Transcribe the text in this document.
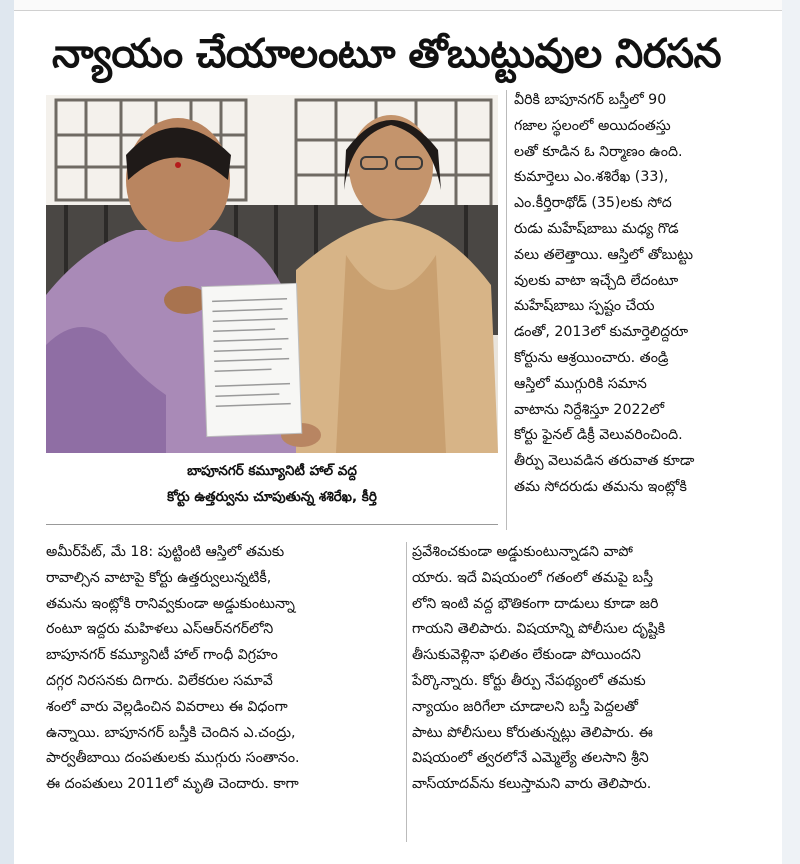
న్యాయం చేయాలంటూ తోబుట్టువుల నిరసన
బాపూనగర్ కమ్యూనిటీ హాల్ వద్ద
కోర్టు ఉత్తర్వును చూపుతున్న శశిరేఖ, కీర్తి

వీరికి బాపూనగర్ బస్తీలో 90

గజాల స్థలంలో అయిదంతస్తు

లతో కూడిన ఓ నిర్మాణం ఉంది.

కుమార్తెలు ఎం.శశిరేఖ (33),

ఎం.కీర్తిరాథోడ్ (35)లకు సోద

రుడు మహేష్‌బాబు మధ్య గొడ

వలు తలెత్తాయి. ఆస్తిలో తోబుట్టు

వులకు వాటా ఇచ్చేది లేదంటూ

మహేష్‌బాబు స్పష్టం చేయ

డంతో, 2013లో కుమార్తెలిద్దరూ

కోర్టును ఆశ్రయించారు. తండ్రి

ఆస్తిలో ముగ్గురికి సమాన

వాటాను నిర్దేశిస్తూ 2022లో

కోర్టు ఫైనల్ డిక్రీ వెలువరించింది.

తీర్పు వెలువడిన తరువాత కూడా

తమ సోదరుడు తమను ఇంట్లోకి

అమీర్‌పేట్, మే 18: పుట్టింటి ఆస్తిలో తమకు

రావాల్సిన వాటాపై కోర్టు ఉత్తర్వులున్నటికీ,

తమను ఇంట్లోకి రానివ్వకుండా అడ్డుకుంటున్నా

రంటూ ఇద్దరు మహిళలు ఎస్‌ఆర్‌నగర్‌లోని

బాపూనగర్ కమ్యూనిటీ హాల్ గాంధీ విగ్రహం

దగ్గర నిరసనకు దిగారు. విలేకరుల సమావే

శంలో వారు వెల్లడించిన వివరాలు ఈ విధంగా

ఉన్నాయి. బాపూనగర్ బస్తీకి చెందిన ఎ.చంద్రు,

పార్వతీబాయి దంపతులకు ముగ్గురు సంతానం.

ఈ దంపతులు 2011లో మృతి చెందారు. కాగా

ప్రవేశించకుండా అడ్డుకుంటున్నాడని వాపో

యారు. ఇదే విషయంలో గతంలో తమపై బస్తీ

లోని ఇంటి వద్ద భౌతికంగా దాడులు కూడా జరి

గాయని తెలిపారు. విషయాన్ని పోలీసుల దృష్టికి

తీసుకువెళ్లినా ఫలితం లేకుండా పోయిందని

పేర్కొన్నారు. కోర్టు తీర్పు నేపథ్యంలో తమకు

న్యాయం జరిగేలా చూడాలని బస్తీ పెద్దలతో

పాటు పోలీసులు కోరుతున్నట్లు తెలిపారు. ఈ

విషయంలో త్వరలోనే ఎమ్మెల్యే తలసాని శ్రీని

వాస్‌యాదవ్‌ను కలుస్తామని వారు తెలిపారు.
